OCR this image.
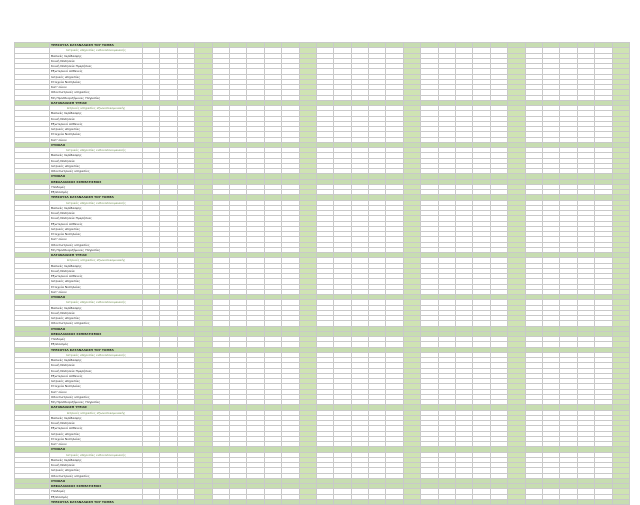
	ΤΡΕΧΟΥΣΑ ΚΑΤΑΝΑΛΩΣΗ ΤΟΥ ΤΟΜΕΑ																												
	Ιατρικές υπηρεσίες ενδονοσοκομειακής																												
	Βασικές περίθαλψης																												
	Κοινή Νοσηλεία																												
	Κοινή Νοσηλεία Ημερήσιας																												
	Εξωτερικοί Ασθενείς																												
	Ιατρικές υπηρεσίες																												
	Στοιχεία Νοσηλείας																												
	Κατ' οίκον																												
	Οδοντιατρικές υπηρεσίες																												
	Μη Προσδιοριζόμενες Υπηρεσίες																												
	ΚΑΤΑΝΑΛΩΣΗ ΥΓΕΙΑΣ																												
	Ιατρικές υπηρεσίες εξωνοσοκομειακής																												
	Βασικές περίθαλψης																												
	Κοινή Νοσηλεία																												
	Εξωτερικοί Ασθενείς																												
	Ιατρικές υπηρεσίες																												
	Στοιχεία Νοσηλείας																												
	Κατ' οίκον																												
	ΣΥΝΟΛΟ																												
	Ιατρικές υπηρεσίες ενδονοσοκομειακής																												
	Βασικές περίθαλψης																												
	Κοινή Νοσηλεία																												
	Ιατρικές υπηρεσίες																												
	Οδοντιατρικές υπηρεσίες																												
	ΣΥΝΟΛΟ																												
	ΚΕΦΑΛΑΙΑΚΟΣ ΣΧΗΜΑΤΙΣΜΟΣ																												
	Υποδομές																												
	Εξοπλισμός																												
	ΤΡΕΧΟΥΣΑ ΚΑΤΑΝΑΛΩΣΗ ΤΟΥ ΤΟΜΕΑ																												
	Ιατρικές υπηρεσίες ενδονοσοκομειακής																												
	Βασικές περίθαλψης																												
	Κοινή Νοσηλεία																												
	Κοινή Νοσηλεία Ημερήσιας																												
	Εξωτερικοί Ασθενείς																												
	Ιατρικές υπηρεσίες																												
	Στοιχεία Νοσηλείας																												
	Κατ' οίκον																												
	Οδοντιατρικές υπηρεσίες																												
	Μη Προσδιοριζόμενες Υπηρεσίες																												
	ΚΑΤΑΝΑΛΩΣΗ ΥΓΕΙΑΣ																												
	Ιατρικές υπηρεσίες εξωνοσοκομειακής																												
	Βασικές περίθαλψης																												
	Κοινή Νοσηλεία																												
	Εξωτερικοί Ασθενείς																												
	Ιατρικές υπηρεσίες																												
	Στοιχεία Νοσηλείας																												
	Κατ' οίκον																												
	ΣΥΝΟΛΟ																												
	Ιατρικές υπηρεσίες ενδονοσοκομειακής																												
	Βασικές περίθαλψης																												
	Κοινή Νοσηλεία																												
	Ιατρικές υπηρεσίες																												
	Οδοντιατρικές υπηρεσίες																												
	ΣΥΝΟΛΟ																												
	ΚΕΦΑΛΑΙΑΚΟΣ ΣΧΗΜΑΤΙΣΜΟΣ																												
	Υποδομές																												
	Εξοπλισμός																												
	ΤΡΕΧΟΥΣΑ ΚΑΤΑΝΑΛΩΣΗ ΤΟΥ ΤΟΜΕΑ																												
	Ιατρικές υπηρεσίες ενδονοσοκομειακής																												
	Βασικές περίθαλψης																												
	Κοινή Νοσηλεία																												
	Κοινή Νοσηλεία Ημερήσιας																												
	Εξωτερικοί Ασθενείς																												
	Ιατρικές υπηρεσίες																												
	Στοιχεία Νοσηλείας																												
	Κατ' οίκον																												
	Οδοντιατρικές υπηρεσίες																												
	Μη Προσδιοριζόμενες Υπηρεσίες																												
	ΚΑΤΑΝΑΛΩΣΗ ΥΓΕΙΑΣ																												
	Ιατρικές υπηρεσίες εξωνοσοκομειακής																												
	Βασικές περίθαλψης																												
	Κοινή Νοσηλεία																												
	Εξωτερικοί Ασθενείς																												
	Ιατρικές υπηρεσίες																												
	Στοιχεία Νοσηλείας																												
	Κατ' οίκον																												
	ΣΥΝΟΛΟ																												
	Ιατρικές υπηρεσίες ενδονοσοκομειακής																												
	Βασικές περίθαλψης																												
	Κοινή Νοσηλεία																												
	Ιατρικές υπηρεσίες																												
	Οδοντιατρικές υπηρεσίες																												
	ΣΥΝΟΛΟ																												
	ΚΕΦΑΛΑΙΑΚΟΣ ΣΧΗΜΑΤΙΣΜΟΣ																												
	Υποδομές																												
	Εξοπλισμός																												
	ΤΡΕΧΟΥΣΑ ΚΑΤΑΝΑΛΩΣΗ ΤΟΥ ΤΟΜΕΑ																												
